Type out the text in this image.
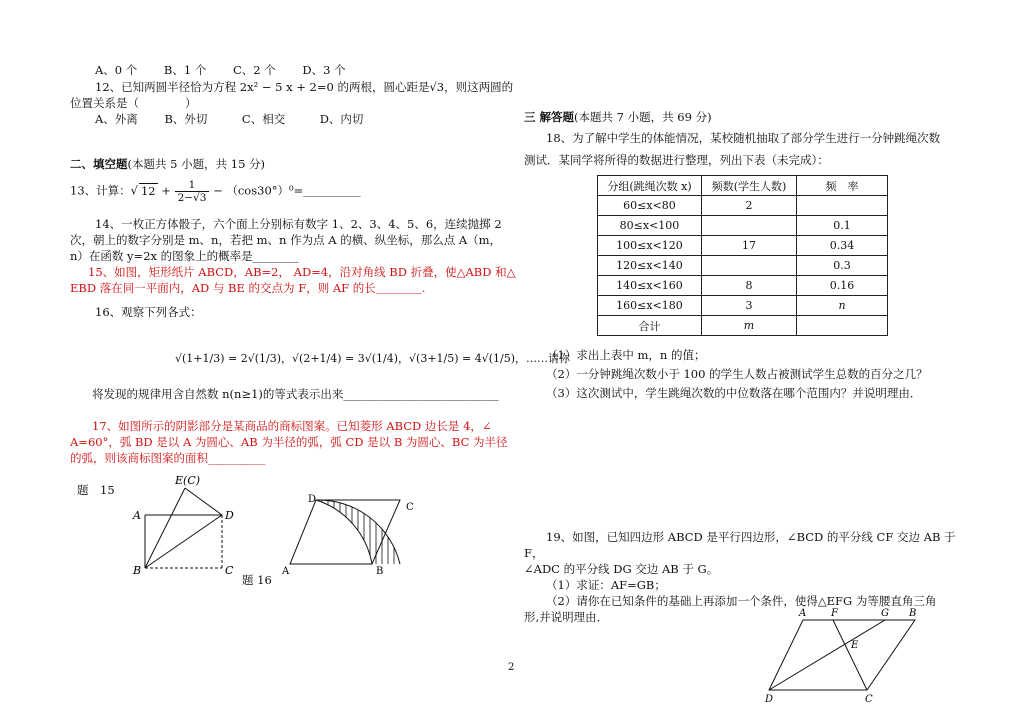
A、0 个　　 B、1 个　　 C、2 个　　 D、3 个
12、已知两圆半径恰为方程 2x² − 5 x + 2=0 的两根，圆心距是√3，则这两圆的
位置关系是（　　　　）
A、外离　　 B、外切　　　C、相交　　　D、内切
二、填空题(本题共 5 小题，共 15 分)
13、计算：√ $12 + \frac{1}{2-√3}$ − （cos30°）⁰=__________
14、一枚正方体骰子，六个面上分别标有数字 1、2、3、4、5、6，连续抛掷 2
次，朝上的数字分别是 m、n，若把 m、n 作为点 A 的横、纵坐标，那么点 A（m，
n）在函数 y=2x 的图象上的概率是________
15、如图，矩形纸片 ABCD，AB=2， AD=4，沿对角线 BD 折叠，使△ABD 和△
EBD 落在同一平面内，AD 与 BE 的交点为 F，则 AF 的长＿＿＿＿.
16、观察下列各式：
√(1+1/3) = 2√(1/3)，√(2+1/4) = 3√(1/4)，√(3+1/5) = 4√(1/5)，……请你
将发现的规律用含自然数 n(n≥1)的等式表示出来___________________________
17、如图所示的阴影部分是某商品的商标图案。已知菱形 ABCD 边长是 4，∠
A=60°，弧 BD 是以 A 为圆心、AB 为半径的弧，弧 CD 是以 B 为圆心、BC 为半径
的弧，则该商标图案的面积__________
题　15
E(C)
A	D
B	C
题 16
D
C
A	B
三 解答题(本题共 7 小题，共 69 分)
18、为了解中学生的体能情况，某校随机抽取了部分学生进行一分钟跳绳次数
测试．某同学将所得的数据进行整理，列出下表（未完成）：
分组(跳绳次数 x)	频数(学生人数)	频　率
60≤x<80	2	
80≤x<100		0.1
100≤x<120	17	0.34
120≤x<140		0.3
140≤x<160	8	0.16
160≤x<180	3	n
合计	m	
（1）求出上表中 m，n 的值；
（2）一分钟跳绳次数小于 100 的学生人数占被测试学生总数的百分之几？
（3）这次测试中，学生跳绳次数的中位数落在哪个范围内？并说明理由．
19、如图，已知四边形 ABCD 是平行四边形，∠BCD 的平分线 CF 交边 AB 于
F，
∠ADC 的平分线 DG 交边 AB 于 G。
（1）求证：AF=GB；
（2）请你在已知条件的基础上再添加一个条件，使得△EFG 为等腰直角三角
形,并说明理由．	A F	G B
E
D	C
2
